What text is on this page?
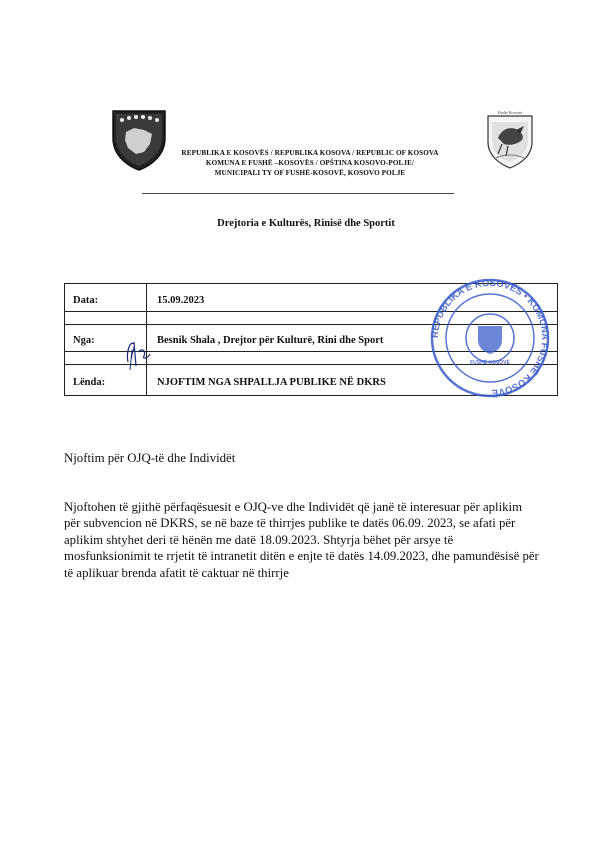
Fushë Kosovës
REPUBLIKA E KOSOVËS / REPUBLIKA KOSOVA / REPUBLIC OF KOSOVA
KOMUNA E FUSHË –KOSOVËS / OPŠTINA KOSOVO-POLJE/
MUNICIPALI TY OF FUSHË-KOSOVË, KOSOVO POLJE
Drejtoria e Kulturës, Rinisë dhe Sportit
Data:	15.09.2023
Nga:	Besnik Shala , Drejtor për Kulturë, Rini dhe Sport
Lënda:	NJOFTIM NGA SHPALLJA PUBLIKE NË DKRS
REPUBLIKA E KOSOVËS • KOMUNA FUSHË KOSOVË
FUSHË KOSOVË
Njoftim për OJQ-të dhe Individët
Njoftohen të gjithë përfaqësuesit e OJQ-ve dhe Individët që janë të interesuar për aplikim për subvencion në DKRS, se në baze të thirrjes publike te datës 06.09. 2023, se afati për aplikim shtyhet deri të hënën me datë 18.09.2023. Shtyrja bëhet për arsye të mosfunksionimit te rrjetit të intranetit ditën e enjte të datës 14.09.2023, dhe pamundësisë për të aplikuar brenda afatit të caktuar në thirrje
